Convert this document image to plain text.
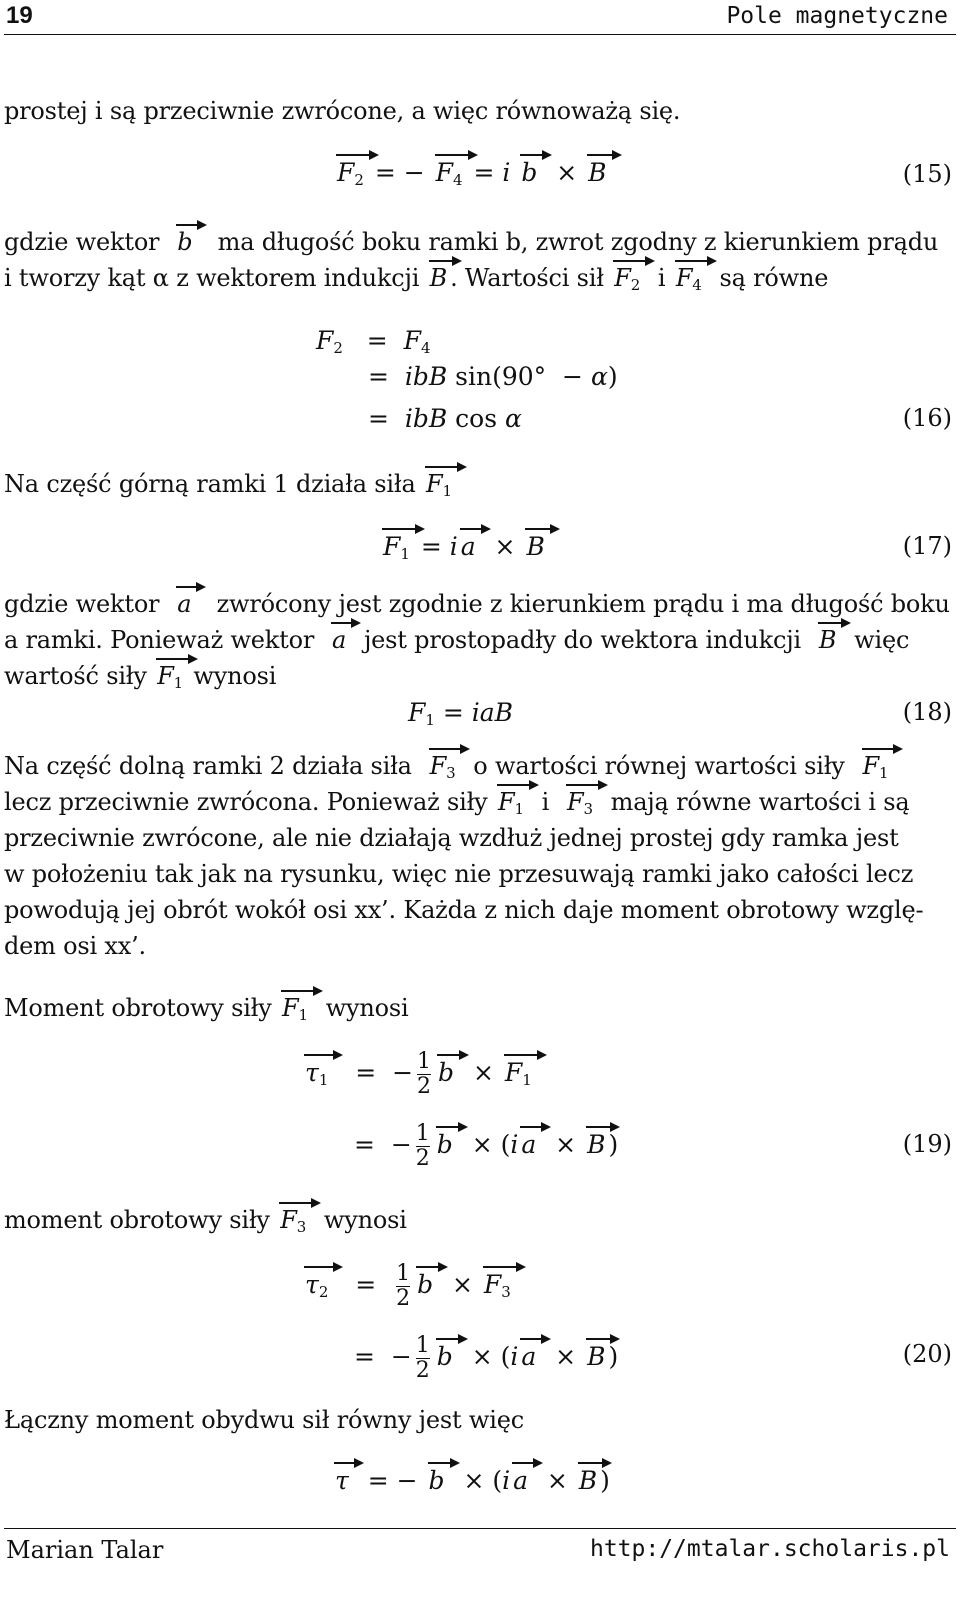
19	Pole magnetyczne
prostej i są przeciwnie zwrócone, a więc równoważą się.
$F_2$ = − $F_4 = i$ b  × B	(15)
gdzie wektor b ma długość boku ramki b, zwrot zgodny z kierunkiem prądu
i tworzy kąt α z wektorem indukcji B . Wartości sił $F_2$ i $F_4$ są równe
$F_2 = F_4$
=  ibB sin(90°  − α)
=  ibB cos α	(16)
Na część górną ramki 1 działa siła $F_1$
$F_1 = i$ a  × B	(17)
gdzie wektor a zwrócony jest zgodnie z kierunkiem prądu i ma długość boku
a ramki. Ponieważ wektor a jest prostopadły do wektora indukcji B więc
wartość siły $F_1$ wynosi
$F_1$ = iaB	(18)
Na część dolną ramki 2 działa siła $F_3$ o wartości równej wartości siły $F_1$
lecz przeciwnie zwrócona. Ponieważ siły $F_1$ i $F_3$ mają równe wartości i są
przeciwnie zwrócone, ale nie działają wzdłuż jednej prostej gdy ramka jest
w położeniu tak jak na rysunku, więc nie przesuwają ramki jako całości lecz
powodują jej obrót wokół osi xx’. Każda z nich daje moment obrotowy wzglę-
dem osi xx’.
Moment obrotowy siły $F_1$ wynosi
$\tau_1$   =  − $\frac{1}{2}$ $b \times F_1$
=  − $\frac{1}{2}$ b  × (i a  × B )	(19)
moment obrotowy siły $F_3$ wynosi
$\tau_2 = \frac{1}{2}$ $b \times F_3$
=  − $\frac{1}{2}$ b  × (i a  × B )	(20)
Łączny moment obydwu sił równy jest więc
τ  = − b  × (i a  × B )
Marian Talar	http://mtalar.scholaris.pl
